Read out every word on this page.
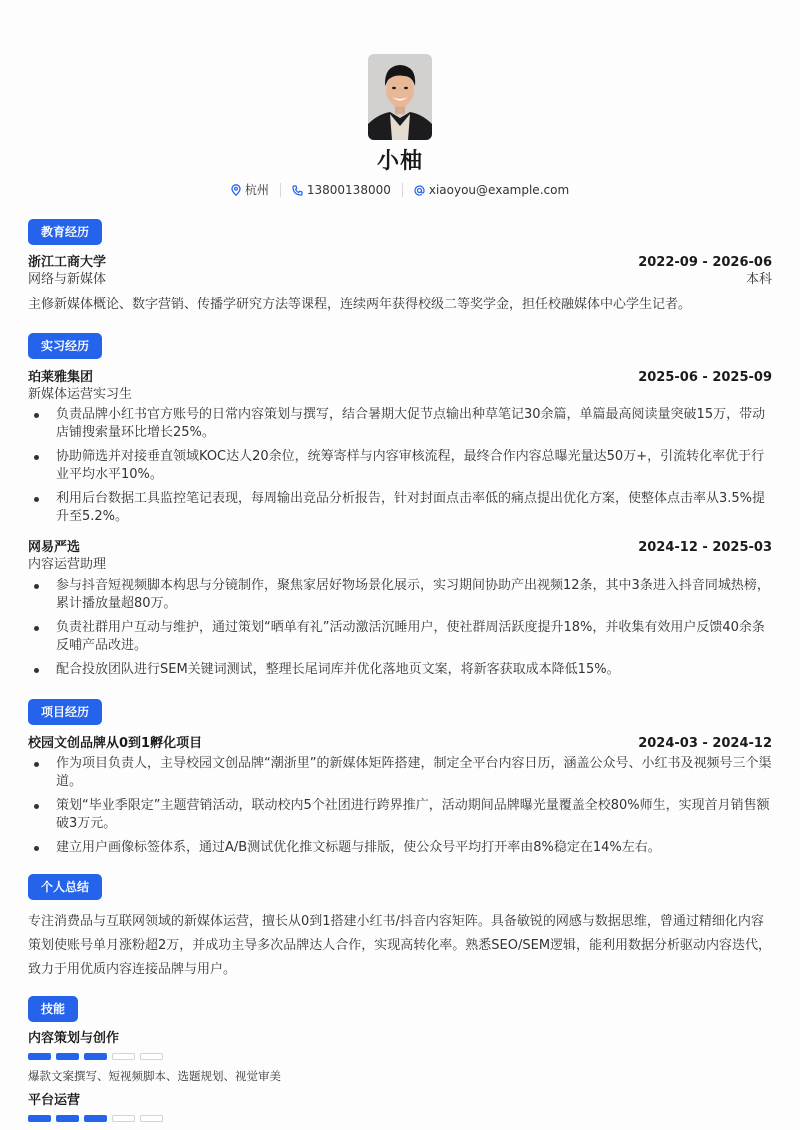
小柚
杭州	13800138000	xiaoyou@example.com
教育经历
浙江工商大学	2022-09 - 2026-06
网络与新媒体	本科
主修新媒体概论、数字营销、传播学研究方法等课程，连续两年获得校级二等奖学金，担任校融媒体中心学生记者。
实习经历
珀莱雅集团	2025-06 - 2025-09
新媒体运营实习生
负责品牌小红书官方账号的日常内容策划与撰写，结合暑期大促节点输出种草笔记30余篇，单篇最高阅读量突破15万，带动店铺搜索量环比增长25%。
协助筛选并对接垂直领域KOC达人20余位，统筹寄样与内容审核流程，最终合作内容总曝光量达50万+，引流转化率优于行业平均水平10%。
利用后台数据工具监控笔记表现，每周输出竞品分析报告，针对封面点击率低的痛点提出优化方案，使整体点击率从3.5%提升至5.2%。
网易严选	2024-12 - 2025-03
内容运营助理
参与抖音短视频脚本构思与分镜制作，聚焦家居好物场景化展示，实习期间协助产出视频12条，其中3条进入抖音同城热榜，累计播放量超80万。
负责社群用户互动与维护，通过策划“晒单有礼”活动激活沉睡用户，使社群周活跃度提升18%，并收集有效用户反馈40余条反哺产品改进。
配合投放团队进行SEM关键词测试，整理长尾词库并优化落地页文案，将新客获取成本降低15%。
项目经历
校园文创品牌从0到1孵化项目	2024-03 - 2024-12
作为项目负责人，主导校园文创品牌“潮浙里”的新媒体矩阵搭建，制定全平台内容日历，涵盖公众号、小红书及视频号三个渠道。
策划“毕业季限定”主题营销活动，联动校内5个社团进行跨界推广，活动期间品牌曝光量覆盖全校80%师生，实现首月销售额破3万元。
建立用户画像标签体系，通过A/B测试优化推文标题与排版，使公众号平均打开率由8%稳定在14%左右。
个人总结
专注消费品与互联网领域的新媒体运营，擅长从0到1搭建小红书/抖音内容矩阵。具备敏锐的网感与数据思维，曾通过精细化内容策划使账号单月涨粉超2万，并成功主导多次品牌达人合作，实现高转化率。熟悉SEO/SEM逻辑，能利用数据分析驱动内容迭代，致力于用优质内容连接品牌与用户。
技能
内容策划与创作
爆款文案撰写、短视频脚本、选题规划、视觉审美
平台运营
